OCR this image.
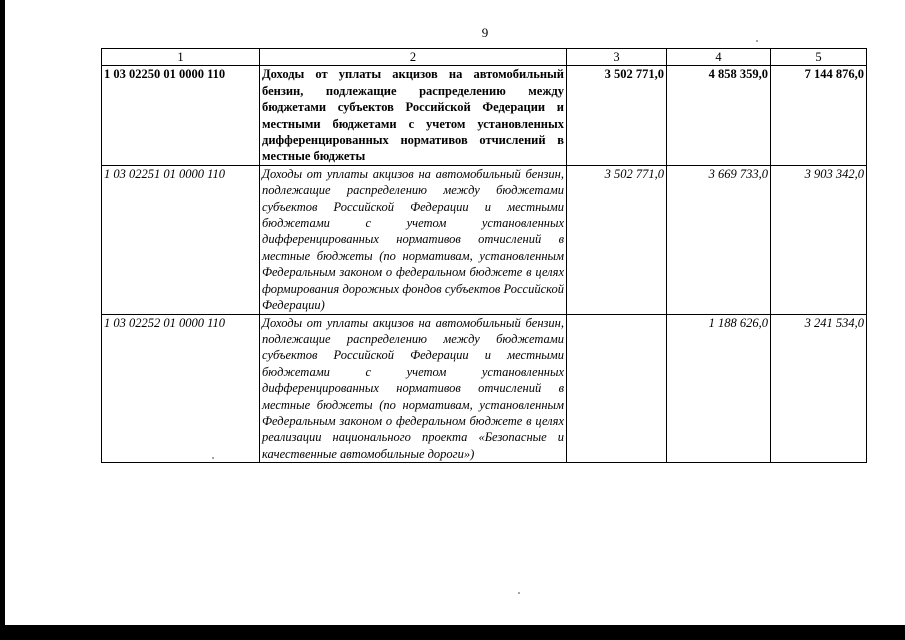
9
1	2	3	4	5
1 03 02250 01 0000 110	Доходы от уплаты акцизов на автомобильный бензин, подлежащие распределению между бюджетами субъектов Российской Федерации и местными бюджетами с учетом установленных дифференцированных нормативов отчислений в местные бюджеты	3 502 771,0	4 858 359,0	7 144 876,0
1 03 02251 01 0000 110	Доходы от уплаты акцизов на автомобильный бензин, подлежащие распределению между бюджетами субъектов Российской Федерации и местными бюджетами с учетом установленных дифференцированных нормативов отчислений в местные бюджеты (по нормативам, установленным Федеральным законом о федеральном бюджете в целях формирования дорожных фондов субъектов Российской Федерации)	3 502 771,0	3 669 733,0	3 903 342,0
1 03 02252 01 0000 110	Доходы от уплаты акцизов на автомобильный бензин, подлежащие распределению между бюджетами субъектов Российской Федерации и местными бюджетами с учетом установленных дифференцированных нормативов отчислений в местные бюджеты (по нормативам, установленным Федеральным законом о федеральном бюджете в целях реализации национального проекта «Безопасные и качественные автомобильные дороги»)		1 188 626,0	3 241 534,0
